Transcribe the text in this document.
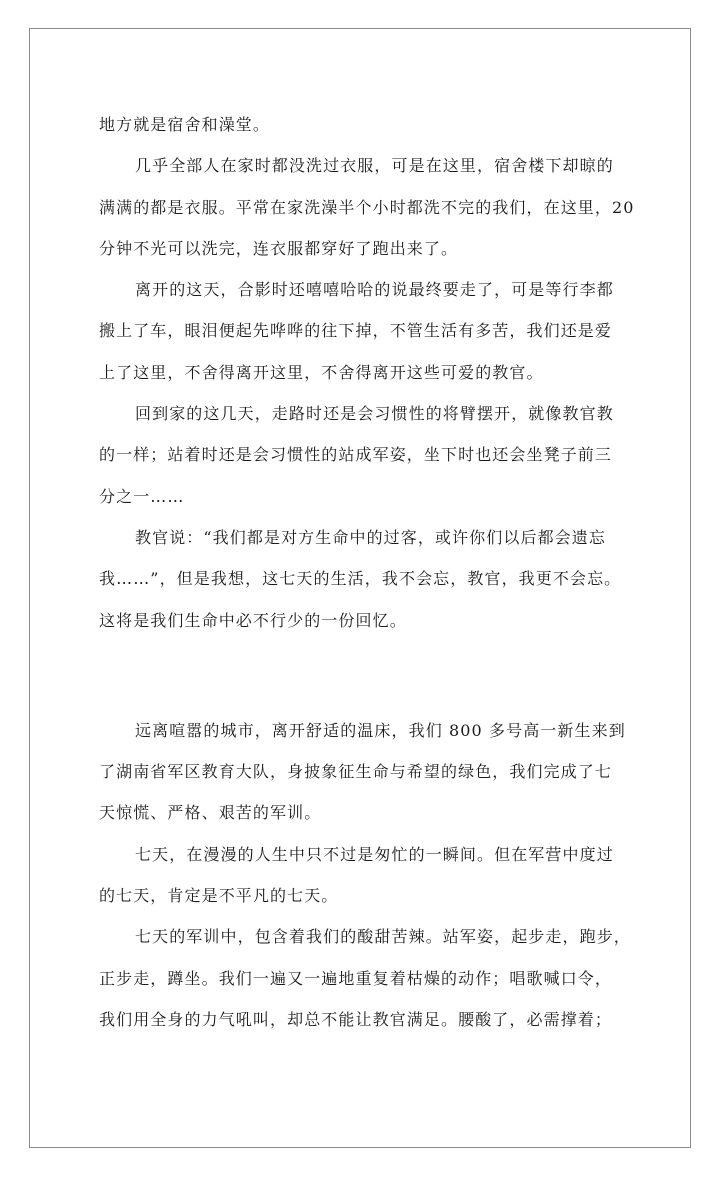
地方就是宿舍和澡堂。
几乎全部人在家时都没洗过衣服，可是在这里，宿舍楼下却晾的
满满的都是衣服。平常在家洗澡半个小时都洗不完的我们，在这里，20
分钟不光可以洗完，连衣服都穿好了跑出来了。
离开的这天，合影时还嘻嘻哈哈的说最终要走了，可是等行李都
搬上了车，眼泪便起先哗哗的往下掉，不管生活有多苦，我们还是爱
上了这里，不舍得离开这里，不舍得离开这些可爱的教官。
回到家的这几天，走路时还是会习惯性的将臂摆开，就像教官教
的一样；站着时还是会习惯性的站成军姿，坐下时也还会坐凳子前三
分之一……
教官说：“我们都是对方生命中的过客，或许你们以后都会遗忘
我……”，但是我想，这七天的生活，我不会忘，教官，我更不会忘。
这将是我们生命中必不行少的一份回忆。
远离喧嚣的城市，离开舒适的温床，我们 800 多号高一新生来到
了湖南省军区教育大队，身披象征生命与希望的绿色，我们完成了七
天惊慌、严格、艰苦的军训。
七天，在漫漫的人生中只不过是匆忙的一瞬间。但在军营中度过
的七天，肯定是不平凡的七天。
七天的军训中，包含着我们的酸甜苦辣。站军姿，起步走，跑步，
正步走，蹲坐。我们一遍又一遍地重复着枯燥的动作；唱歌喊口令，
我们用全身的力气吼叫，却总不能让教官满足。腰酸了，必需撑着；
